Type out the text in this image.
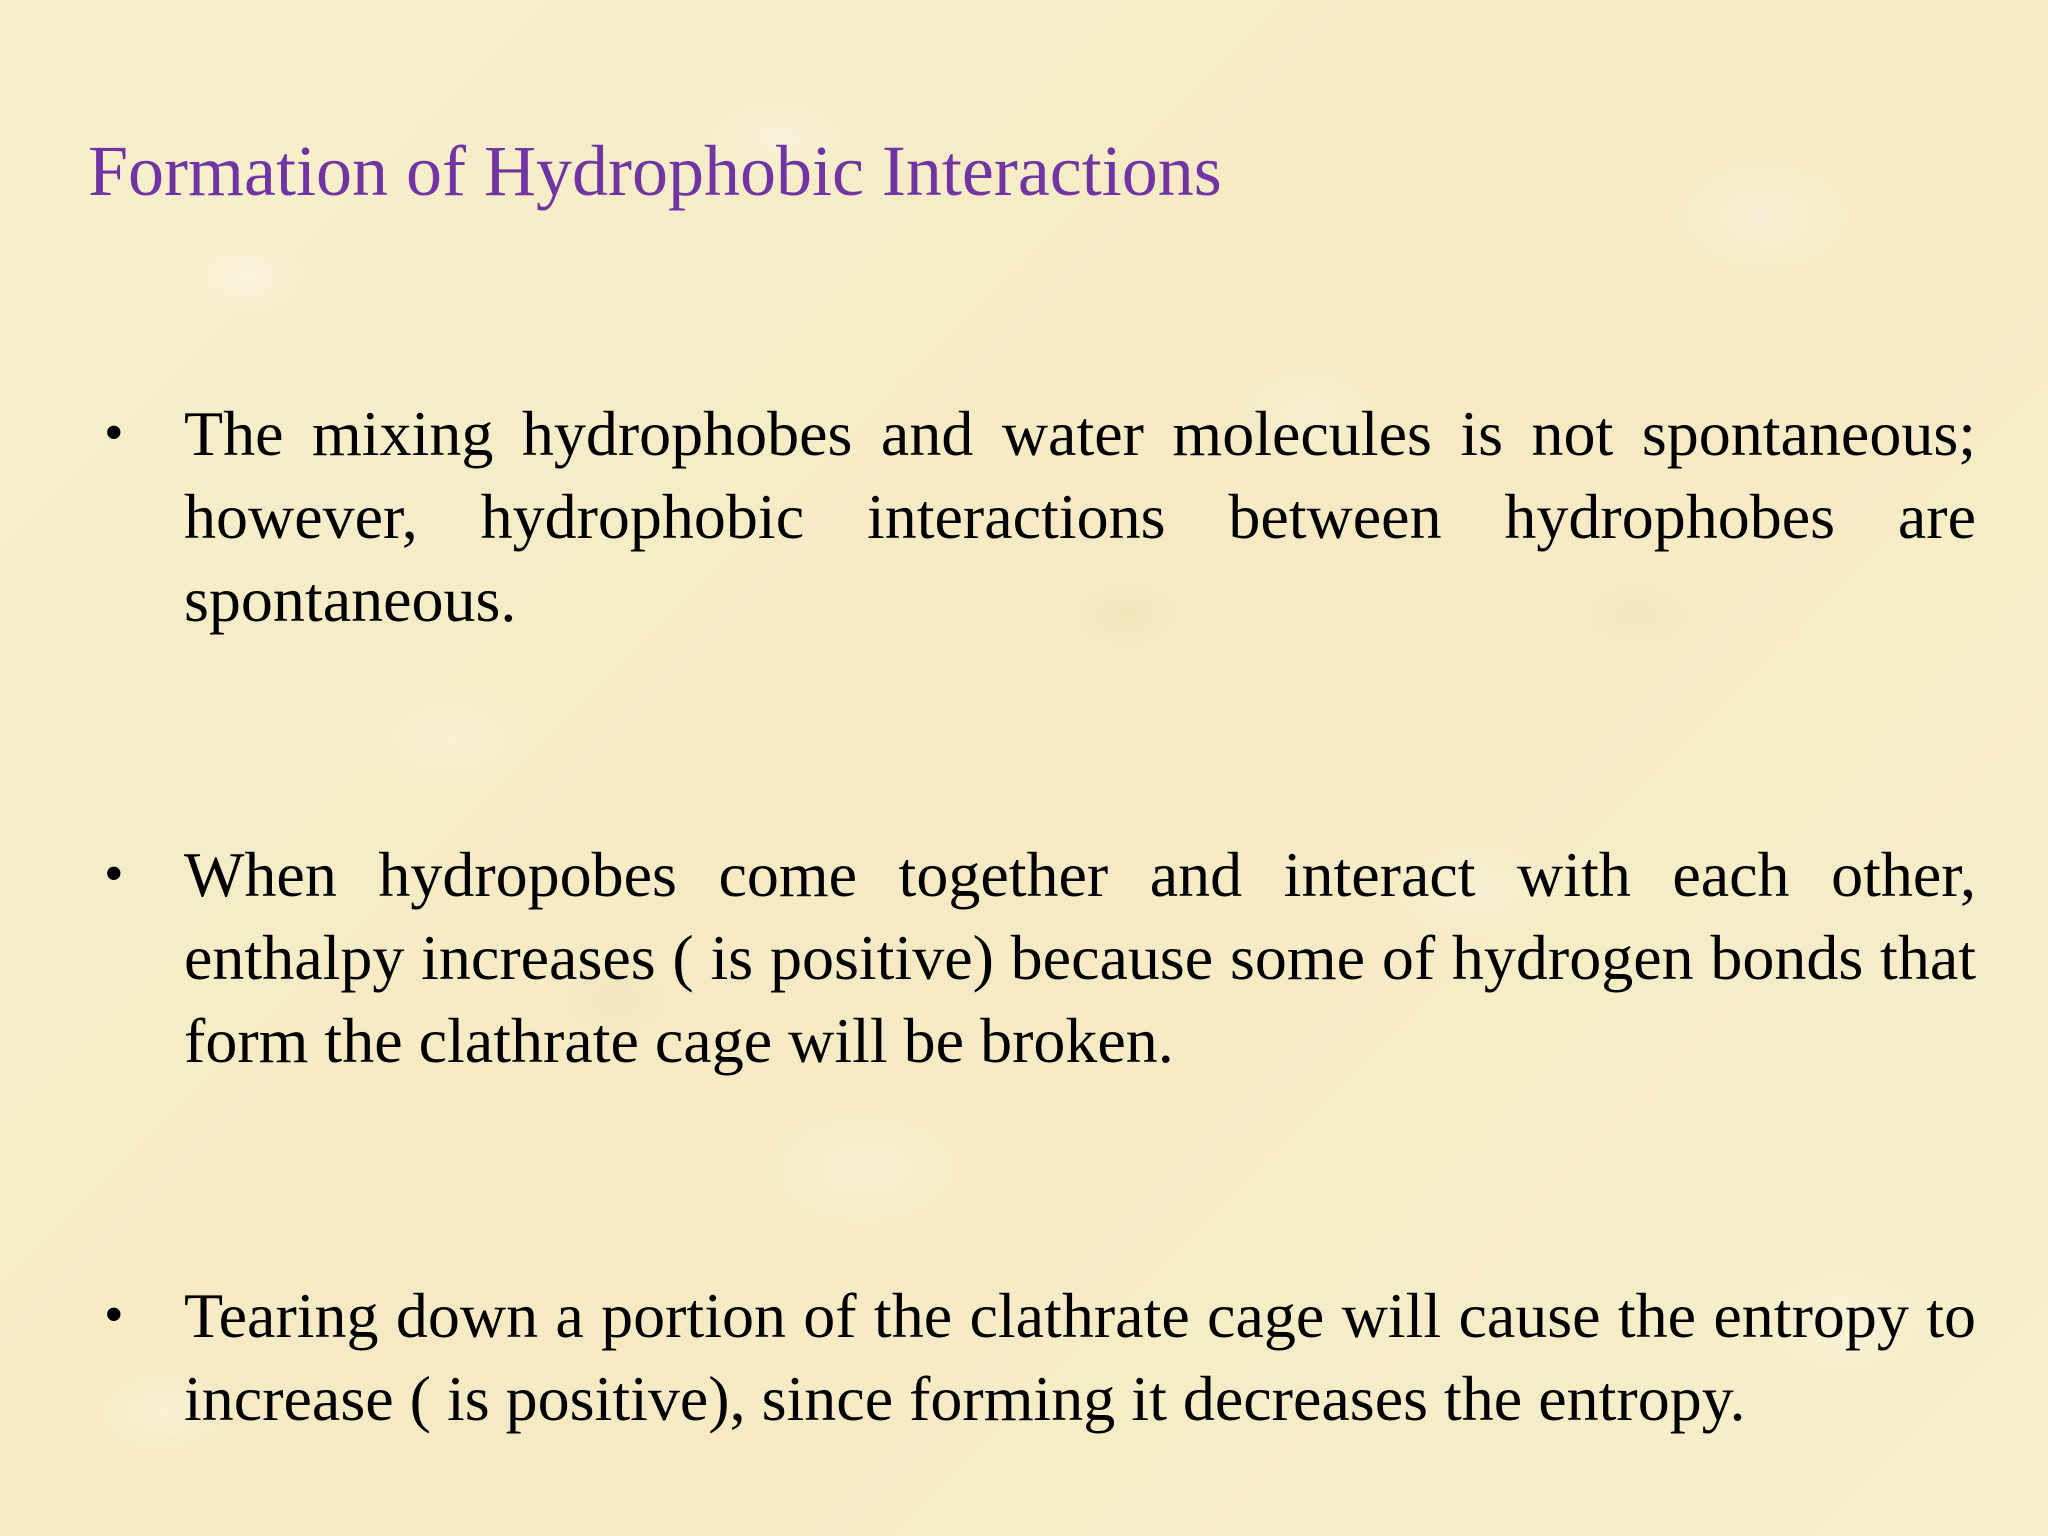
Formation of Hydrophobic Interactions
• The mixing hydrophobes and water molecules is not spontaneous; however, hydrophobic interactions between hydrophobes are spontaneous.
• When hydropobes come together and interact with each other, enthalpy increases ( is positive) because some of hydrogen bonds that form the clathrate cage will be broken.
• Tearing down a portion of the clathrate cage will cause the entropy to increase ( is positive), since forming it decreases the entropy.
